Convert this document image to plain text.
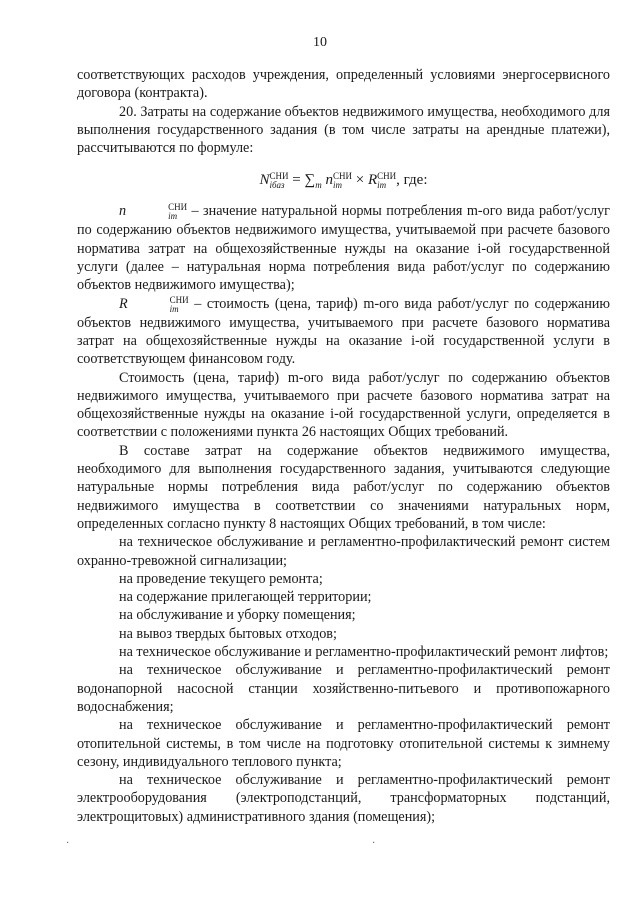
10

соответствующих расходов учреждения, определенный условиями энергосервисного договора (контракта).

20. Затраты на содержание объектов недвижимого имущества, необходимого для выполнения государственного задания (в том числе затраты на арендные платежи), рассчитываются по формуле:

N СНИ
iбаз = $\sum_m$ n СНИ
im × R СНИ
im , где:

n	СНИ
im – значение натуральной нормы потребления m-ого вида работ/услуг по содержанию объектов недвижимого имущества, учитываемой при расчете базового норматива затрат на общехозяйственные нужды на оказание i-ой государственной услуги (далее – натуральная норма потребления вида работ/услуг по содержанию объектов недвижимого имущества);

R	СНИ
im – стоимость (цена, тариф) m-ого вида работ/услуг по содержанию объектов недвижимого имущества, учитываемого при расчете базового норматива затрат на общехозяйственные нужды на оказание i-ой государственной услуги в соответствующем финансовом году.

Стоимость (цена, тариф) m-ого вида работ/услуг по содержанию объектов недвижимого имущества, учитываемого при расчете базового норматива затрат на общехозяйственные нужды на оказание i-ой государственной услуги, определяется в соответствии с положениями пункта 26 настоящих Общих требований.

В составе затрат на содержание объектов недвижимого имущества, необходимого для выполнения государственного задания, учитываются следующие натуральные нормы потребления вида работ/услуг по содержанию объектов недвижимого имущества в соответствии со значениями натуральных норм, определенных согласно пункту 8 настоящих Общих требований, в том числе:

на техническое обслуживание и регламентно-профилактический ремонт систем охранно-тревожной сигнализации;

на проведение текущего ремонта;

на содержание прилегающей территории;

на обслуживание и уборку помещения;

на вывоз твердых бытовых отходов;

на техническое обслуживание и регламентно-профилактический ремонт лифтов;

на техническое обслуживание и регламентно-профилактический ремонт водонапорной насосной станции хозяйственно-питьевого и противопожарного водоснабжения;

на техническое обслуживание и регламентно-профилактический ремонт отопительной системы, в том числе на подготовку отопительной системы к зимнему сезону, индивидуального теплового пункта;

на техническое обслуживание и регламентно-профилактический ремонт электрооборудования (электроподстанций, трансформаторных подстанций, электрощитовых) административного здания (помещения);

·	·
